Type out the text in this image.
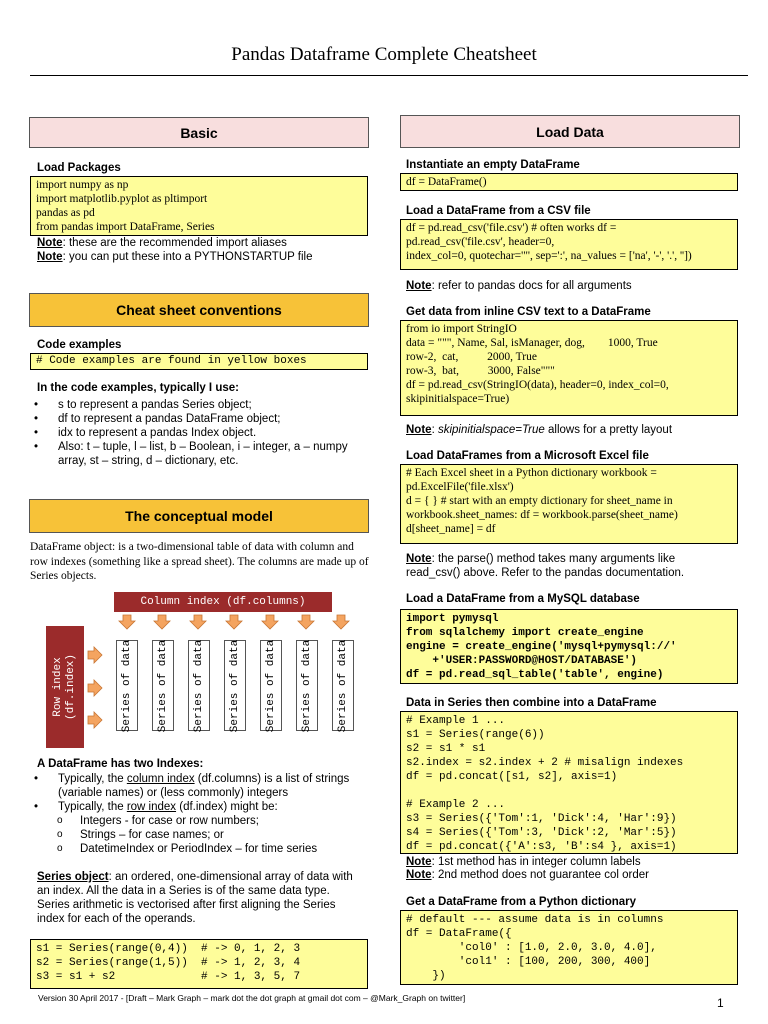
Pandas Dataframe Complete Cheatsheet
Basic
Load Packages
import numpy as np
import matplotlib.pyplot as pltimport
pandas as pd
from pandas import DataFrame, Series
Note: these are the recommended import aliases
Note: you can put these into a PYTHONSTARTUP file
Cheat sheet conventions
Code examples
# Code examples are found in yellow boxes
In the code examples, typically I use:
• s to represent a pandas Series object;
• df to represent a pandas DataFrame object;
• idx to represent a pandas Index object.
• Also: t – tuple, l – list, b – Boolean, i – integer, a – numpy array, st – string, d – dictionary, etc.
The conceptual model
DataFrame object: is a two-dimensional table of data with column and row indexes (something like a spread sheet). The columns are made up of Series objects.
Column index (df.columns)
Row index
(df.index)	Series of data Series of data Series of data Series of data Series of data Series of data Series of data
A DataFrame has two Indexes:
• Typically, the column index (df.columns) is a list of strings (variable names) or (less commonly) integers
• Typically, the row index (df.index) might be:
o Integers - for case or row numbers;
o Strings – for case names; or
o DatetimeIndex or PeriodIndex – for time series
Series object: an ordered, one-dimensional array of data with an index. All the data in a Series is of the same data type. Series arithmetic is vectorised after first aligning the Series index for each of the operands.
s1 = Series(range(0,4))  # -> 0, 1, 2, 3
s2 = Series(range(1,5))  # -> 1, 2, 3, 4
s3 = s1 + s2             # -> 1, 3, 5, 7
Load Data
Instantiate an empty DataFrame
df = DataFrame()
Load a DataFrame from a CSV file
df = pd.read_csv('file.csv') # often works df =
pd.read_csv('file.csv', header=0,
index_col=0, quotechar='"', sep=':', na_values = ['na', '-', '.', ''])
Note: refer to pandas docs for all arguments
Get data from inline CSV text to a DataFrame
from io import StringIO
data = """, Name, Sal, isManager, dog,        1000, True
row-2,  cat,          2000, True
row-3,  bat,          3000, False"""
df = pd.read_csv(StringIO(data), header=0, index_col=0,
skipinitialspace=True)
Note: skipinitialspace=True allows for a pretty layout
Load DataFrames from a Microsoft Excel file
# Each Excel sheet in a Python dictionary workbook =
pd.ExcelFile('file.xlsx')
d = { } # start with an empty dictionary for sheet_name in
workbook.sheet_names: df = workbook.parse(sheet_name)
d[sheet_name] = df
Note: the parse() method takes many arguments like read_csv() above. Refer to the pandas documentation.
Load a DataFrame from a MySQL database
import pymysql
from sqlalchemy import create_engine
engine = create_engine('mysql+pymysql://'
+'USER:PASSWORD@HOST/DATABASE')
df = pd.read_sql_table('table', engine)
Data in Series then combine into a DataFrame
# Example 1 ...
s1 = Series(range(6))
s2 = s1 * s1
s2.index = s2.index + 2 # misalign indexes
df = pd.concat([s1, s2], axis=1)

# Example 2 ...
s3 = Series({'Tom':1, 'Dick':4, 'Har':9})
s4 = Series({'Tom':3, 'Dick':2, 'Mar':5})
df = pd.concat({'A':s3, 'B':s4 }, axis=1)
Note: 1st method has in integer column labels
Note: 2nd method does not guarantee col order
Get a DataFrame from a Python dictionary
# default --- assume data is in columns
df = DataFrame({
'col0' : [1.0, 2.0, 3.0, 4.0],
'col1' : [100, 200, 300, 400]
})
Version 30 April 2017 - [Draft – Mark Graph – mark dot the dot graph at gmail dot com – @Mark_Graph on twitter]	1
